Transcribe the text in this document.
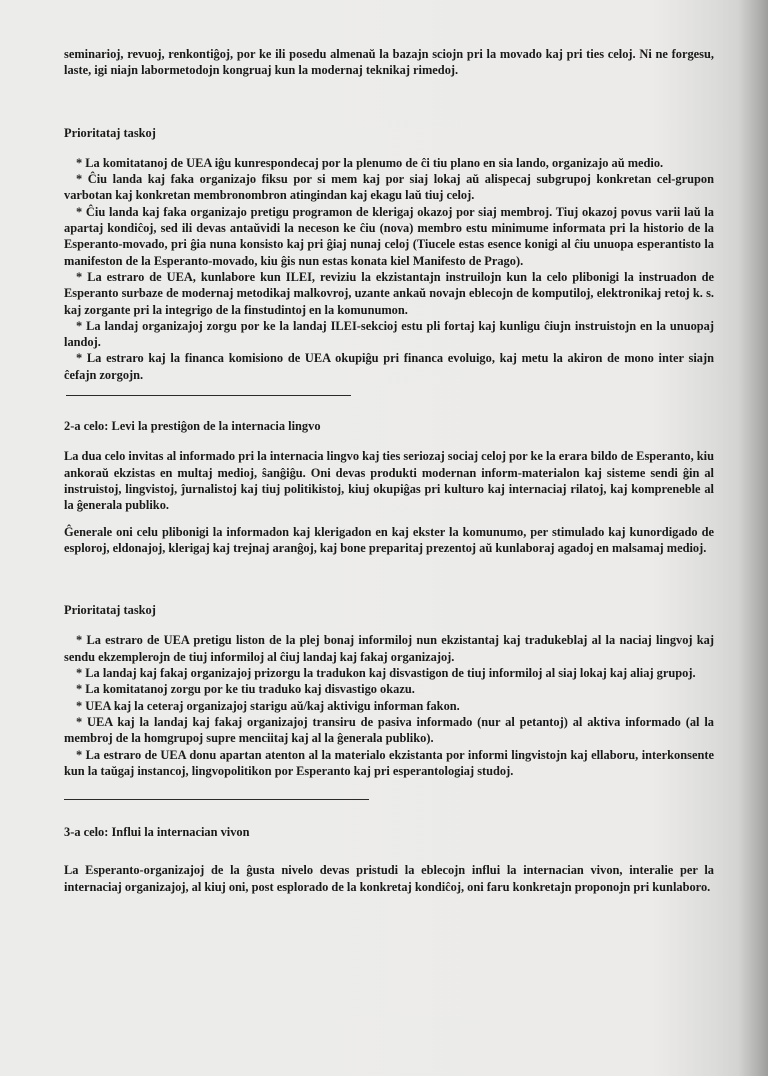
seminarioj, revuoj, renkontiĝoj, por ke ili posedu almenaŭ la bazajn sciojn pri la movado kaj pri ties celoj. Ni ne forgesu, laste, igi niajn labormetodojn kongruaj kun la modernaj teknikaj rimedoj.

Prioritataj taskoj

* La komitatanoj de UEA iĝu kunrespondecaj por la plenumo de ĉi tiu plano en sia lando, organizajo aŭ medio.

* Ĉiu landa kaj faka organizajo fiksu por si mem kaj por siaj lokaj aŭ alispecaj subgrupoj konkretan cel-grupon varbotan kaj konkretan membronombron atingindan kaj ekagu laŭ tiuj celoj.

* Ĉiu landa kaj faka organizajo pretigu programon de klerigaj okazoj por siaj membroj. Tiuj okazoj povus varii laŭ la apartaj kondiĉoj, sed ili devas antaŭvidi la neceson ke ĉiu (nova) membro estu minimume informata pri la historio de la Esperanto-movado, pri ĝia nuna konsisto kaj pri ĝiaj nunaj celoj (Tiucele estas esence konigi al ĉiu unuopa esperantisto la manifeston de la Esperanto-movado, kiu ĝis nun estas konata kiel Manifesto de Prago).

* La estraro de UEA, kunlabore kun ILEI, reviziu la ekzistantajn instruilojn kun la celo plibonigi la instruadon de Esperanto surbaze de modernaj metodikaj malkovroj, uzante ankaŭ novajn eblecojn de komputiloj, elektronikaj retoj k. s. kaj zorgante pri la integrigo de la finstudintoj en la komunumon.

* La landaj organizajoj zorgu por ke la landaj ILEI-sekcioj estu pli fortaj kaj kunligu ĉiujn instruistojn en la unuopaj landoj.

* La estraro kaj la financa komisiono de UEA okupiĝu pri financa evoluigo, kaj metu la akiron de mono inter siajn ĉefajn zorgojn.

2-a celo: Levi la prestiĝon de la internacia lingvo

La dua celo invitas al informado pri la internacia lingvo kaj ties seriozaj sociaj celoj por ke la erara bildo de Esperanto, kiu ankoraŭ ekzistas en multaj medioj, ŝanĝiĝu. Oni devas produkti modernan inform-materialon kaj sisteme sendi ĝin al instruistoj, lingvistoj, ĵurnalistoj kaj tiuj politikistoj, kiuj okupiĝas pri kulturo kaj internaciaj rilatoj, kaj kompreneble al la ĝenerala publiko.

Ĝenerale oni celu plibonigi la informadon kaj klerigadon en kaj ekster la komunumo, per stimulado kaj kunordigado de esploroj, eldonajoj, klerigaj kaj trejnaj aranĝoj, kaj bone preparitaj prezentoj aŭ kunlaboraj agadoj en malsamaj medioj.

Prioritataj taskoj

* La estraro de UEA pretigu liston de la plej bonaj informiloj nun ekzistantaj kaj tradukeblaj al la naciaj lingvoj kaj sendu ekzemplerojn de tiuj informiloj al ĉiuj landaj kaj fakaj organizajoj.

* La landaj kaj fakaj organizajoj prizorgu la tradukon kaj disvastigon de tiuj informiloj al siaj lokaj kaj aliaj grupoj.

* La komitatanoj zorgu por ke tiu traduko kaj disvastigo okazu.

* UEA kaj la ceteraj organizajoj starigu aŭ/kaj aktivigu informan fakon.

* UEA kaj la landaj kaj fakaj organizajoj transiru de pasiva informado (nur al petantoj) al aktiva informado (al la membroj de la homgrupoj supre menciitaj kaj al la ĝenerala publiko).

* La estraro de UEA donu apartan atenton al la materialo ekzistanta por informi lingvistojn kaj ellaboru, interkonsente kun la taŭgaj instancoj, lingvopolitikon por Esperanto kaj pri esperantologiaj studoj.

3-a celo: Influi la internacian vivon

La Esperanto-organizajoj de la ĝusta nivelo devas pristudi la eblecojn influi la internacian vivon, interalie per la internaciaj organizajoj, al kiuj oni, post esplorado de la konkretaj kondiĉoj, oni faru konkretajn proponojn pri kunlaboro.
